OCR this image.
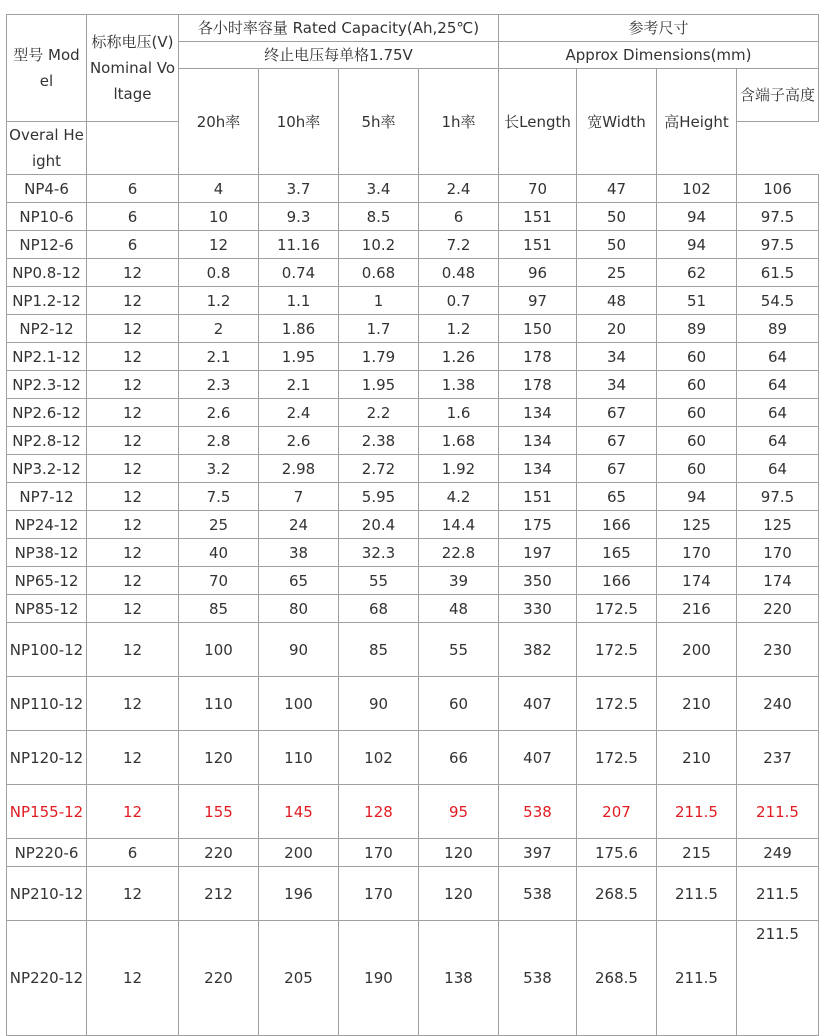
型号 Model	标称电压(V)Nominal Voltage	各小时率容量 Rated Capacity(Ah,25℃)				参考尺寸			
		终止电压每单格1.75V				Approx Dimensions(mm)			
		20h率	10h率	5h率	1h率	长Length	宽Width	高Height	含端子高度
Overal Height									
NP4-6	6	4	3.7	3.4	2.4	70	47	102	106
NP10-6	6	10	9.3	8.5	6	151	50	94	97.5
NP12-6	6	12	11.16	10.2	7.2	151	50	94	97.5
NP0.8-12	12	0.8	0.74	0.68	0.48	96	25	62	61.5
NP1.2-12	12	1.2	1.1	1	0.7	97	48	51	54.5
NP2-12	12	2	1.86	1.7	1.2	150	20	89	89
NP2.1-12	12	2.1	1.95	1.79	1.26	178	34	60	64
NP2.3-12	12	2.3	2.1	1.95	1.38	178	34	60	64
NP2.6-12	12	2.6	2.4	2.2	1.6	134	67	60	64
NP2.8-12	12	2.8	2.6	2.38	1.68	134	67	60	64
NP3.2-12	12	3.2	2.98	2.72	1.92	134	67	60	64
NP7-12	12	7.5	7	5.95	4.2	151	65	94	97.5
NP24-12	12	25	24	20.4	14.4	175	166	125	125
NP38-12	12	40	38	32.3	22.8	197	165	170	170
NP65-12	12	70	65	55	39	350	166	174	174
NP85-12	12	85	80	68	48	330	172.5	216	220
NP100-12	12	100	90	85	55	382	172.5	200	230
NP110-12	12	110	100	90	60	407	172.5	210	240
NP120-12	12	120	110	102	66	407	172.5	210	237
NP155-12	12	155	145	128	95	538	207	211.5	211.5
NP220-6	6	220	200	170	120	397	175.6	215	249
NP210-12	12	212	196	170	120	538	268.5	211.5	211.5
NP220-12	12	220	205	190	138	538	268.5	211.5	211.5
